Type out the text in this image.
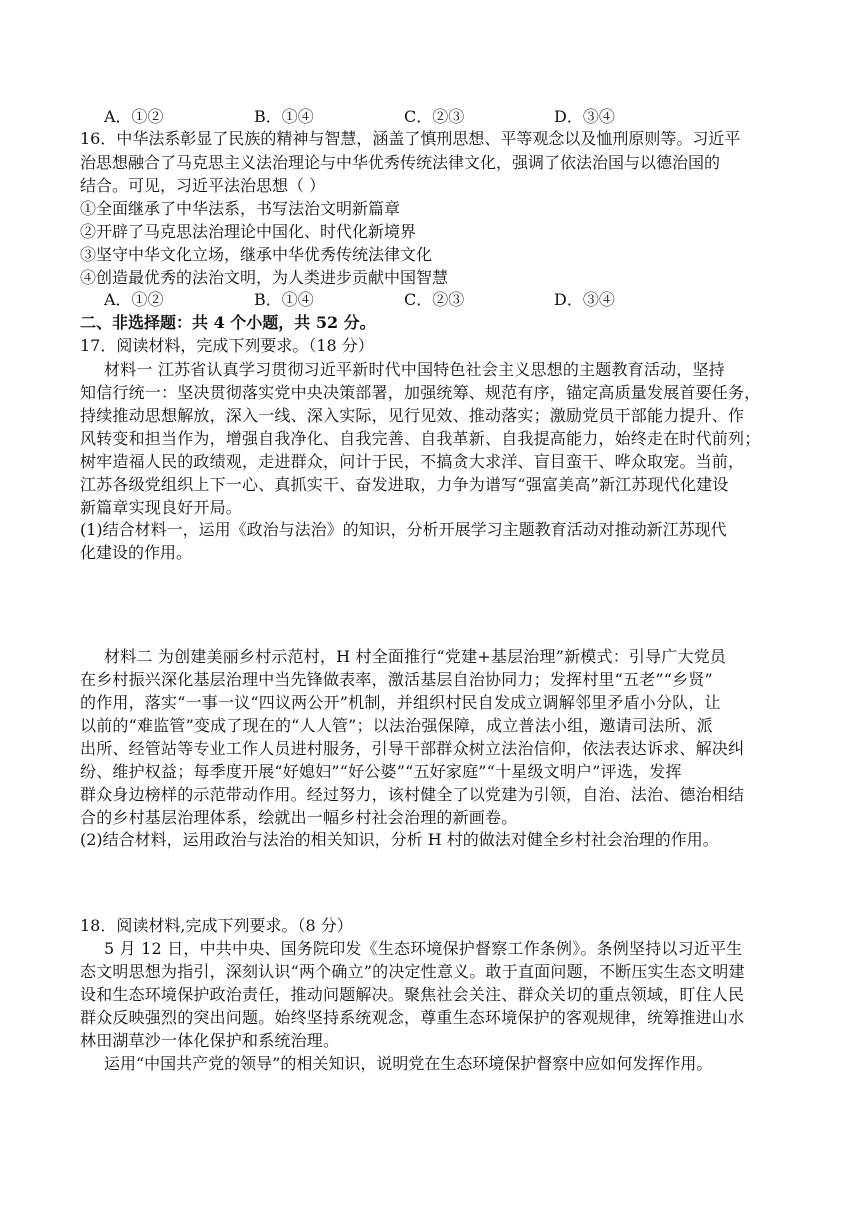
A．①②	B．①④	C．②③	D．③④
16．中华法系彰显了民族的精神与智慧，涵盖了慎刑思想、平等观念以及恤刑原则等。习近平
治思想融合了马克思主义法治理论与中华优秀传统法律文化，强调了依法治国与以德治国的
结合。可见，习近平法治思想（ ）
①全面继承了中华法系，书写法治文明新篇章
②开辟了马克思法治理论中国化、时代化新境界
③坚守中华文化立场，继承中华优秀传统法律文化
④创造最优秀的法治文明，为人类进步贡献中国智慧
A．①②	B．①④	C．②③	D．③④
二、非选择题：共 4 个小题，共 52 分。
17．阅读材料，完成下列要求。（18 分）
材料一 江苏省认真学习贯彻习近平新时代中国特色社会主义思想的主题教育活动，坚持
知信行统一：坚决贯彻落实党中央决策部署，加强统筹、规范有序，锚定高质量发展首要任务，
持续推动思想解放，深入一线、深入实际，见行见效、推动落实；激励党员干部能力提升、作
风转变和担当作为，增强自我净化、自我完善、自我革新、自我提高能力，始终走在时代前列；
树牢造福人民的政绩观，走进群众，问计于民，不搞贪大求洋、盲目蛮干、哗众取宠。当前，
江苏各级党组织上下一心、真抓实干、奋发进取，力争为谱写“强富美高”新江苏现代化建设
新篇章实现良好开局。
(1)结合材料一，运用《政治与法治》的知识，分析开展学习主题教育活动对推动新江苏现代
化建设的作用。
材料二 为创建美丽乡村示范村，H 村全面推行“党建+基层治理”新模式：引导广大党员
在乡村振兴深化基层治理中当先锋做表率，激活基层自治协同力；发挥村里“五老”“乡贤”
的作用，落实“一事一议“四议两公开”机制，并组织村民自发成立调解邻里矛盾小分队，让
以前的“难监管”变成了现在的“人人管”；以法治强保障，成立普法小组，邀请司法所、派
出所、经管站等专业工作人员进村服务，引导干部群众树立法治信仰，依法表达诉求、解决纠
纷、维护权益；每季度开展“好媳妇”“好公婆”“五好家庭”“十星级文明户”评选，发挥
群众身边榜样的示范带动作用。经过努力，该村健全了以党建为引领，自治、法治、德治相结
合的乡村基层治理体系，绘就出一幅乡村社会治理的新画卷。
(2)结合材料，运用政治与法治的相关知识，分析 H 村的做法对健全乡村社会治理的作用。
18．阅读材料,完成下列要求。（8 分）
5 月 12 日，中共中央、国务院印发《生态环境保护督察工作条例》。条例坚持以习近平生
态文明思想为指引，深刻认识“两个确立”的决定性意义。敢于直面问题，不断压实生态文明建
设和生态环境保护政治责任，推动问题解决。聚焦社会关注、群众关切的重点领域，盯住人民
群众反映强烈的突出问题。始终坚持系统观念，尊重生态环境保护的客观规律，统筹推进山水
林田湖草沙一体化保护和系统治理。
运用“中国共产党的领导”的相关知识，说明党在生态环境保护督察中应如何发挥作用。
